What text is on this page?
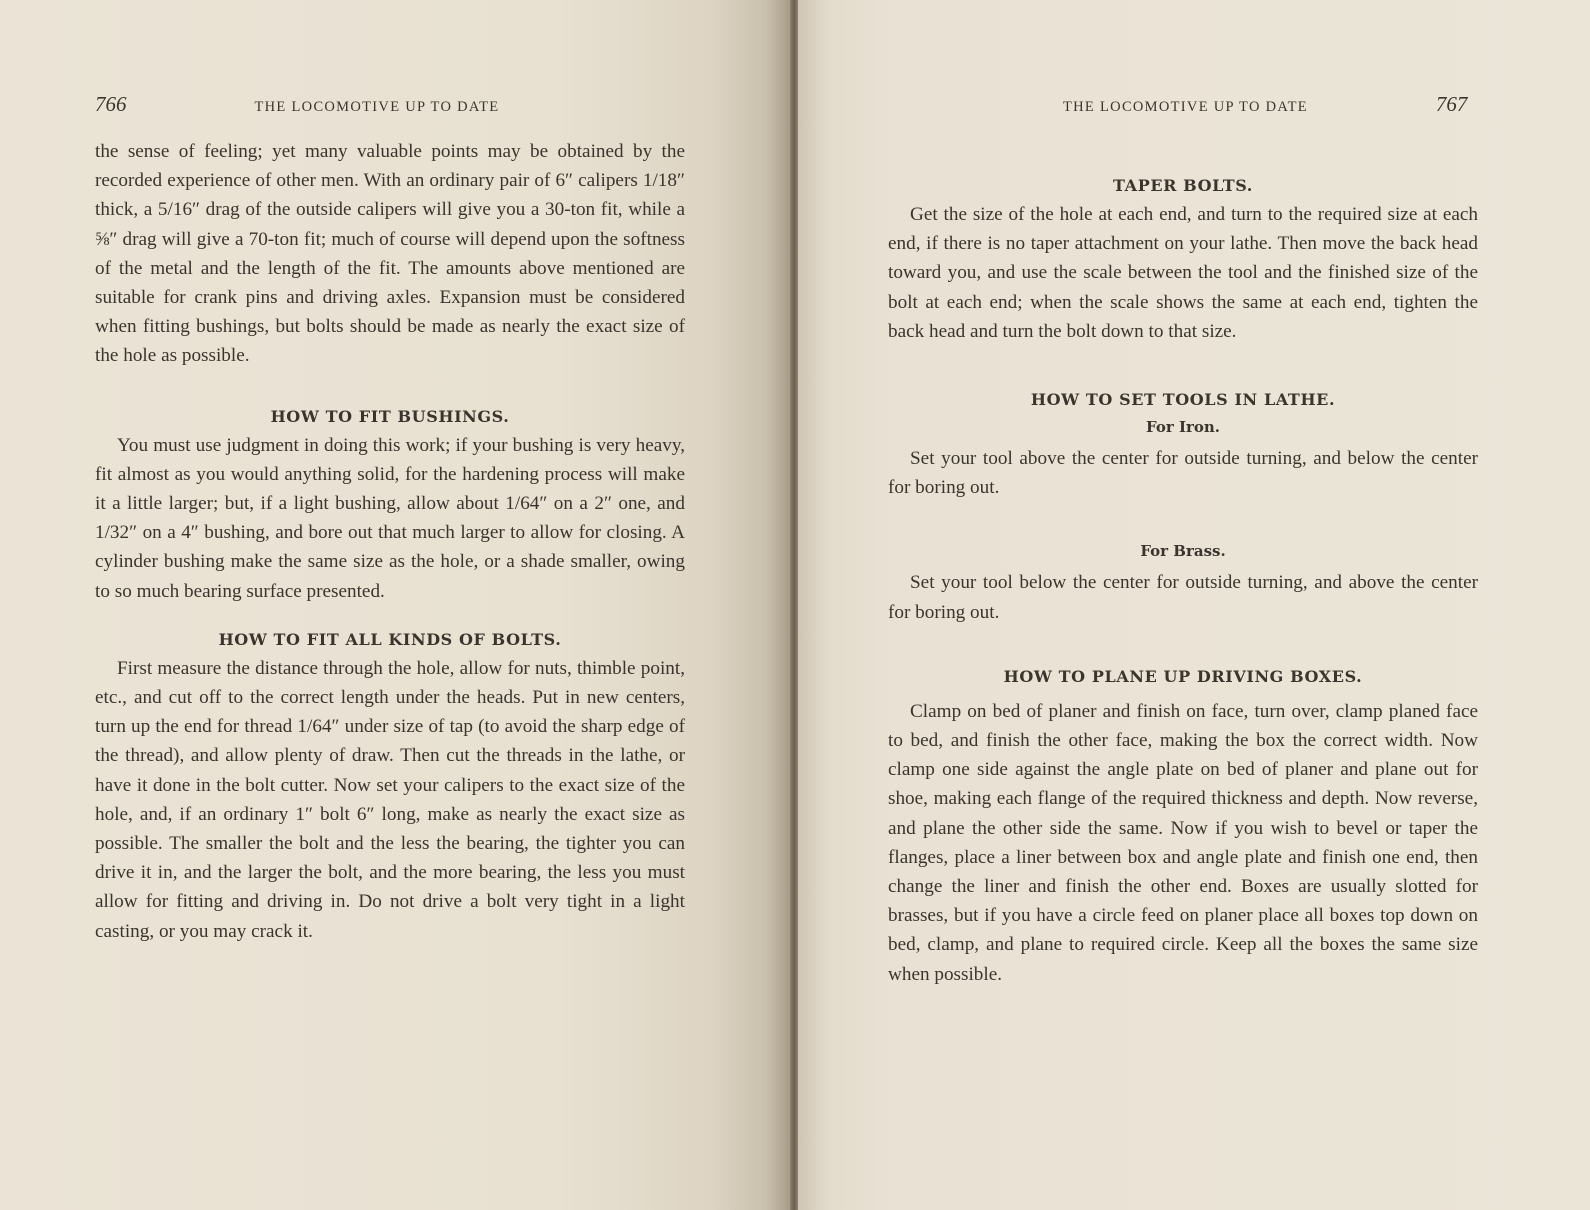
766	THE LOCOMOTIVE UP TO DATE

the sense of feeling; yet many valuable points may be obtained by the recorded experience of other men. With an ordinary pair of 6″ calipers 1/18″ thick, a 5/16″ drag of the outside calipers will give you a 30-ton fit, while a ⅝″ drag will give a 70-ton fit; much of course will depend upon the softness of the metal and the length of the fit. The amounts above mentioned are suitable for crank pins and driving axles. Expansion must be considered when fitting bushings, but bolts should be made as nearly the exact size of the hole as possible.

HOW TO FIT BUSHINGS.

You must use judgment in doing this work; if your bushing is very heavy, fit almost as you would anything solid, for the hardening process will make it a little larger; but, if a light bushing, allow about 1/64″ on a 2″ one, and 1/32″ on a 4″ bushing, and bore out that much larger to allow for closing. A cylinder bushing make the same size as the hole, or a shade smaller, owing to so much bearing surface presented.

HOW TO FIT ALL KINDS OF BOLTS.

First measure the distance through the hole, allow for nuts, thimble point, etc., and cut off to the correct length under the heads. Put in new centers, turn up the end for thread 1/64″ under size of tap (to avoid the sharp edge of the thread), and allow plenty of draw. Then cut the threads in the lathe, or have it done in the bolt cutter. Now set your calipers to the exact size of the hole, and, if an ordinary 1″ bolt 6″ long, make as nearly the exact size as possible. The smaller the bolt and the less the bearing, the tighter you can drive it in, and the larger the bolt, and the more bearing, the less you must allow for fitting and driving in. Do not drive a bolt very tight in a light casting, or you may crack it.

THE LOCOMOTIVE UP TO DATE	767
TAPER BOLTS.

Get the size of the hole at each end, and turn to the required size at each end, if there is no taper attachment on your lathe. Then move the back head toward you, and use the scale between the tool and the finished size of the bolt at each end; when the scale shows the same at each end, tighten the back head and turn the bolt down to that size.

HOW TO SET TOOLS IN LATHE.
For Iron.

Set your tool above the center for outside turning, and below the center for boring out.

For Brass.

Set your tool below the center for outside turning, and above the center for boring out.

HOW TO PLANE UP DRIVING BOXES.

Clamp on bed of planer and finish on face, turn over, clamp planed face to bed, and finish the other face, making the box the correct width. Now clamp one side against the angle plate on bed of planer and plane out for shoe, making each flange of the required thickness and depth. Now reverse, and plane the other side the same. Now if you wish to bevel or taper the flanges, place a liner between box and angle plate and finish one end, then change the liner and finish the other end. Boxes are usually slotted for brasses, but if you have a circle feed on planer place all boxes top down on bed, clamp, and plane to required circle. Keep all the boxes the same size when possible.
